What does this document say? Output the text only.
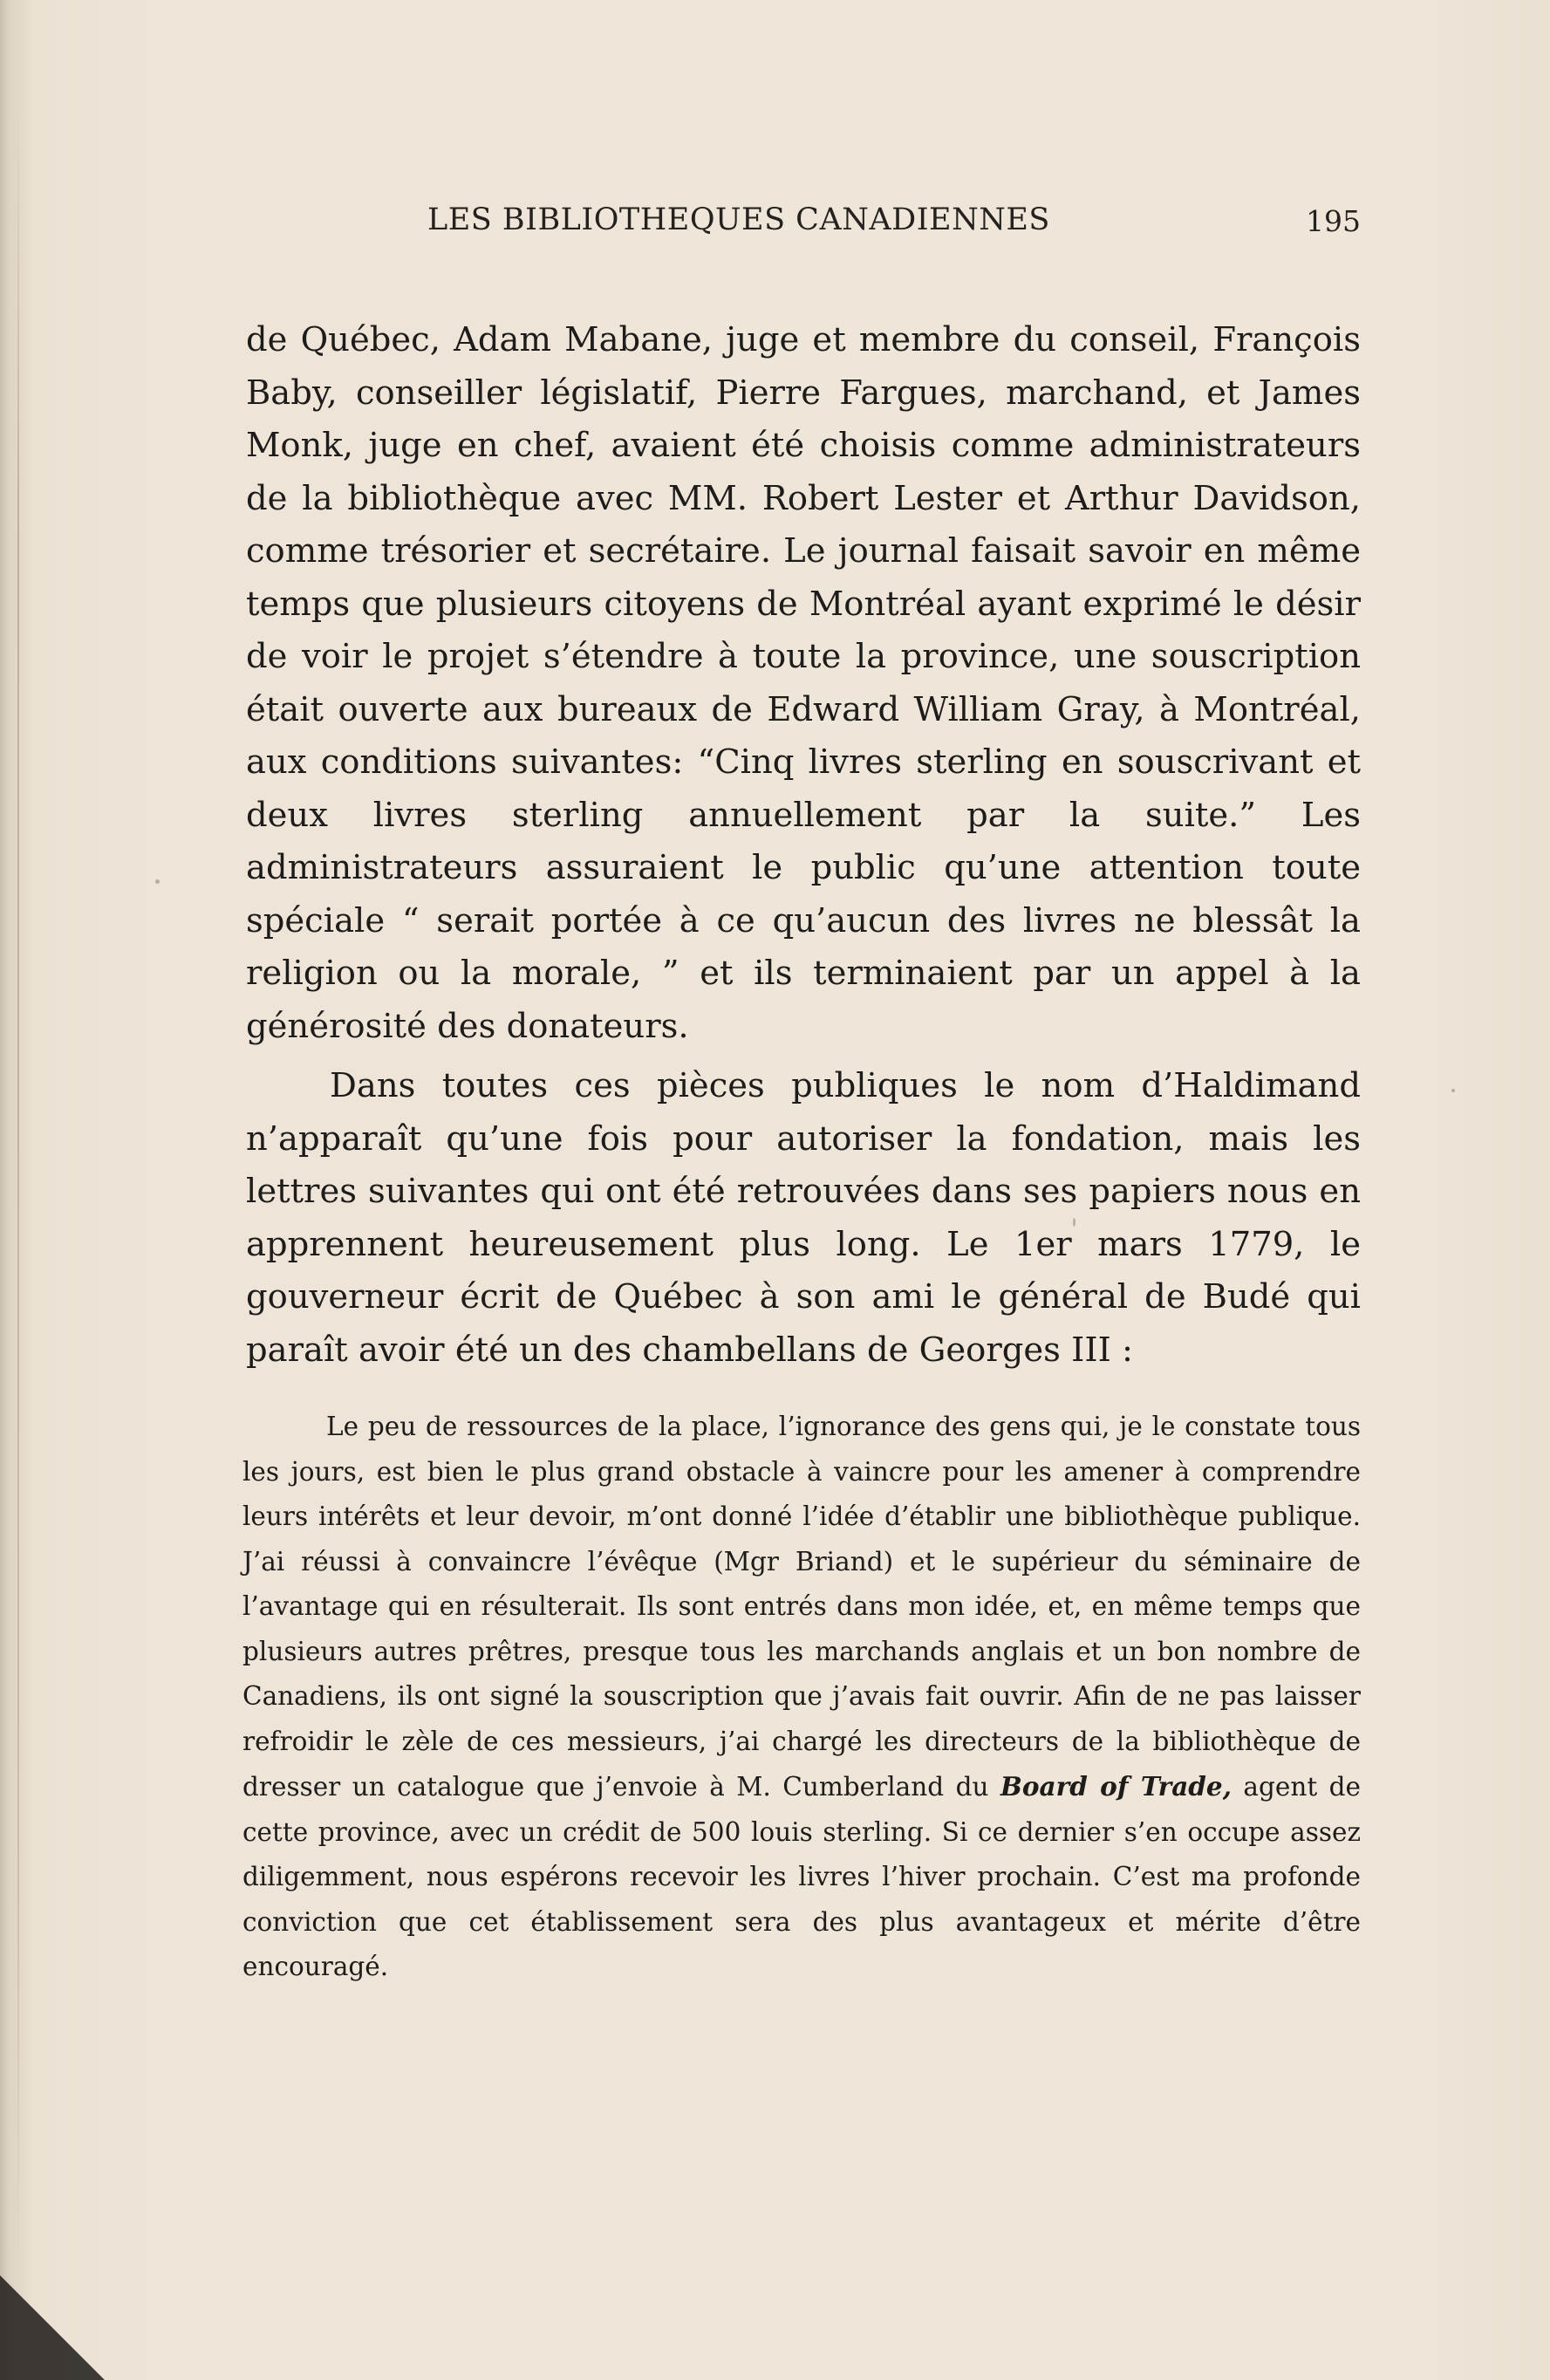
LES BIBLIOTHEQUES CANADIENNES	195

de Québec, Adam Mabane, juge et membre du conseil, François Baby, conseiller législatif, Pierre Fargues, marchand, et James Monk, juge en chef, avaient été choisis comme administrateurs de la bibliothèque avec MM. Robert Lester et Arthur Davidson, comme trésorier et secrétaire. Le journal faisait savoir en même temps que plusieurs citoyens de Montréal ayant exprimé le désir de voir le projet s’étendre à toute la province, une souscription était ouverte aux bureaux de Edward William Gray, à Montréal, aux conditions suivantes: “Cinq livres sterling en souscrivant et deux livres sterling annuellement par la suite.” Les administrateurs assuraient le public qu’une attention toute spéciale “ serait portée à ce qu’aucun des livres ne blessât la religion ou la morale, ” et ils terminaient par un appel à la générosité des donateurs.

Dans toutes ces pièces publiques le nom d’Haldimand n’apparaît qu’une fois pour autoriser la fondation, mais les lettres suivantes qui ont été retrouvées dans ses papiers nous en apprennent heureusement plus long. Le 1er mars 1779, le gouverneur écrit de Québec à son ami le général de Budé qui paraît avoir été un des chambellans de Georges III :

Le peu de ressources de la place, l’ignorance des gens qui, je le constate tous les jours, est bien le plus grand obstacle à vaincre pour les amener à comprendre leurs intérêts et leur devoir, m’ont donné l’idée d’établir une bibliothèque publique. J’ai réussi à convaincre l’évêque (Mgr Briand) et le supérieur du séminaire de l’avantage qui en résulterait. Ils sont entrés dans mon idée, et, en même temps que plusieurs autres prêtres, presque tous les marchands anglais et un bon nombre de Canadiens, ils ont signé la souscription que j’avais fait ouvrir. Afin de ne pas laisser refroidir le zèle de ces messieurs, j’ai chargé les directeurs de la bibliothèque de dresser un catalogue que j’envoie à M. Cumberland du Board of Trade, agent de cette province, avec un crédit de 500 louis sterling. Si ce dernier s’en occupe assez diligemment, nous espérons recevoir les livres l’hiver prochain. C’est ma profonde conviction que cet établissement sera des plus avantageux et mérite d’être encouragé.
